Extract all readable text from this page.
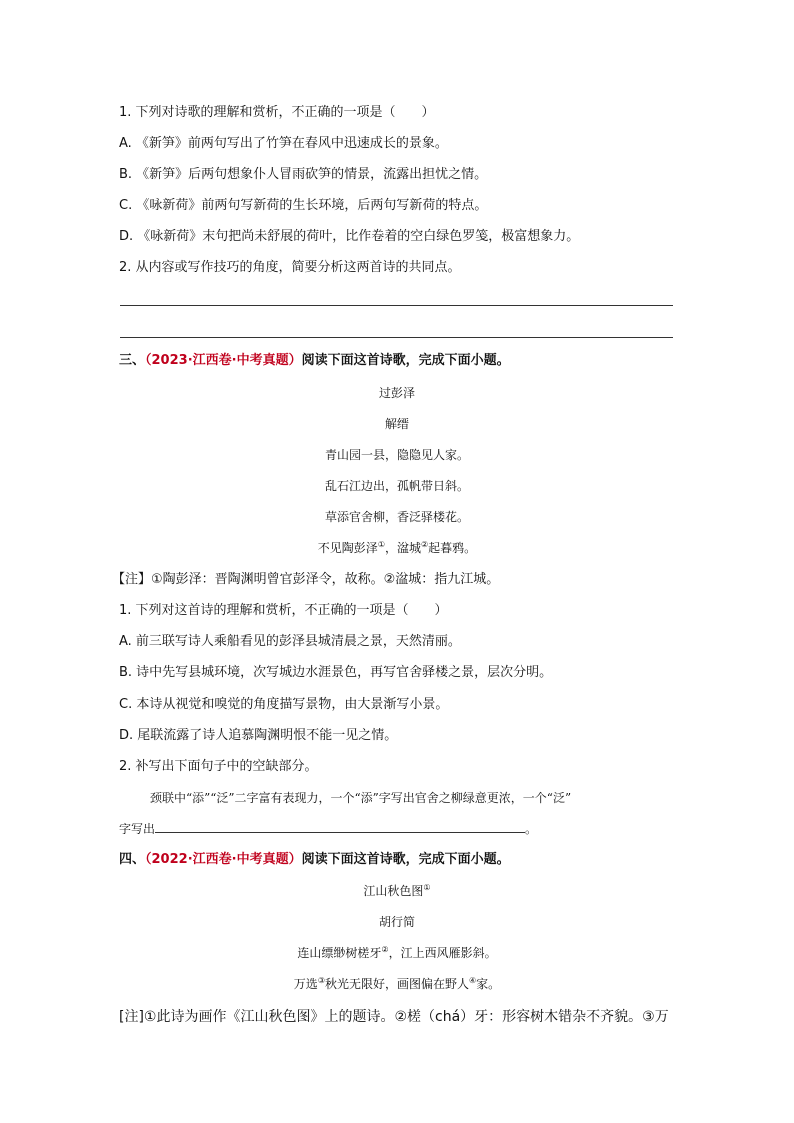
1. 下列对诗歌的理解和赏析，不正确的一项是（　　）
A. 《新笋》前两句写出了竹笋在春风中迅速成长的景象。
B. 《新笋》后两句想象仆人冒雨砍笋的情景，流露出担忧之情。
C. 《咏新荷》前两句写新荷的生长环境，后两句写新荷的特点。
D. 《咏新荷》末句把尚未舒展的荷叶，比作卷着的空白绿色罗笺，极富想象力。
2. 从内容或写作技巧的角度，简要分析这两首诗的共同点。
三、（2023·江西卷·中考真题）阅读下面这首诗歌，完成下面小题。
过彭泽
解缙
青山园一县，隐隐见人家。
乱石江边出，孤帆带日斜。
草添官舍柳，香泛驿楼花。
不见陶彭泽①，湓城②起暮鸦。
【注】①陶彭泽：晋陶渊明曾官彭泽令，故称。②湓城：指九江城。
1. 下列对这首诗的理解和赏析，不正确的一项是（　　）
A. 前三联写诗人乘船看见的彭泽县城清晨之景，天然清丽。
B. 诗中先写县城环境，次写城边水涯景色，再写官舍驿楼之景，层次分明。
C. 本诗从视觉和嗅觉的角度描写景物，由大景渐写小景。
D. 尾联流露了诗人追慕陶渊明恨不能一见之情。
2. 补写出下面句子中的空缺部分。
颈联中“添”“泛”二字富有表现力，一个“添”字写出官舍之柳绿意更浓，一个“泛”
字写出	。
四、（2022·江西卷·中考真题）阅读下面这首诗歌，完成下面小题。
江山秋色图①
胡行简
连山缥缈树槎牙②，江上西风雁影斜。
万选③秋光无限好，画图偏在野人④家。
[注]①此诗为画作《江山秋色图》上的题诗。②槎（chá）牙：形容树木错杂不齐貌。③万
